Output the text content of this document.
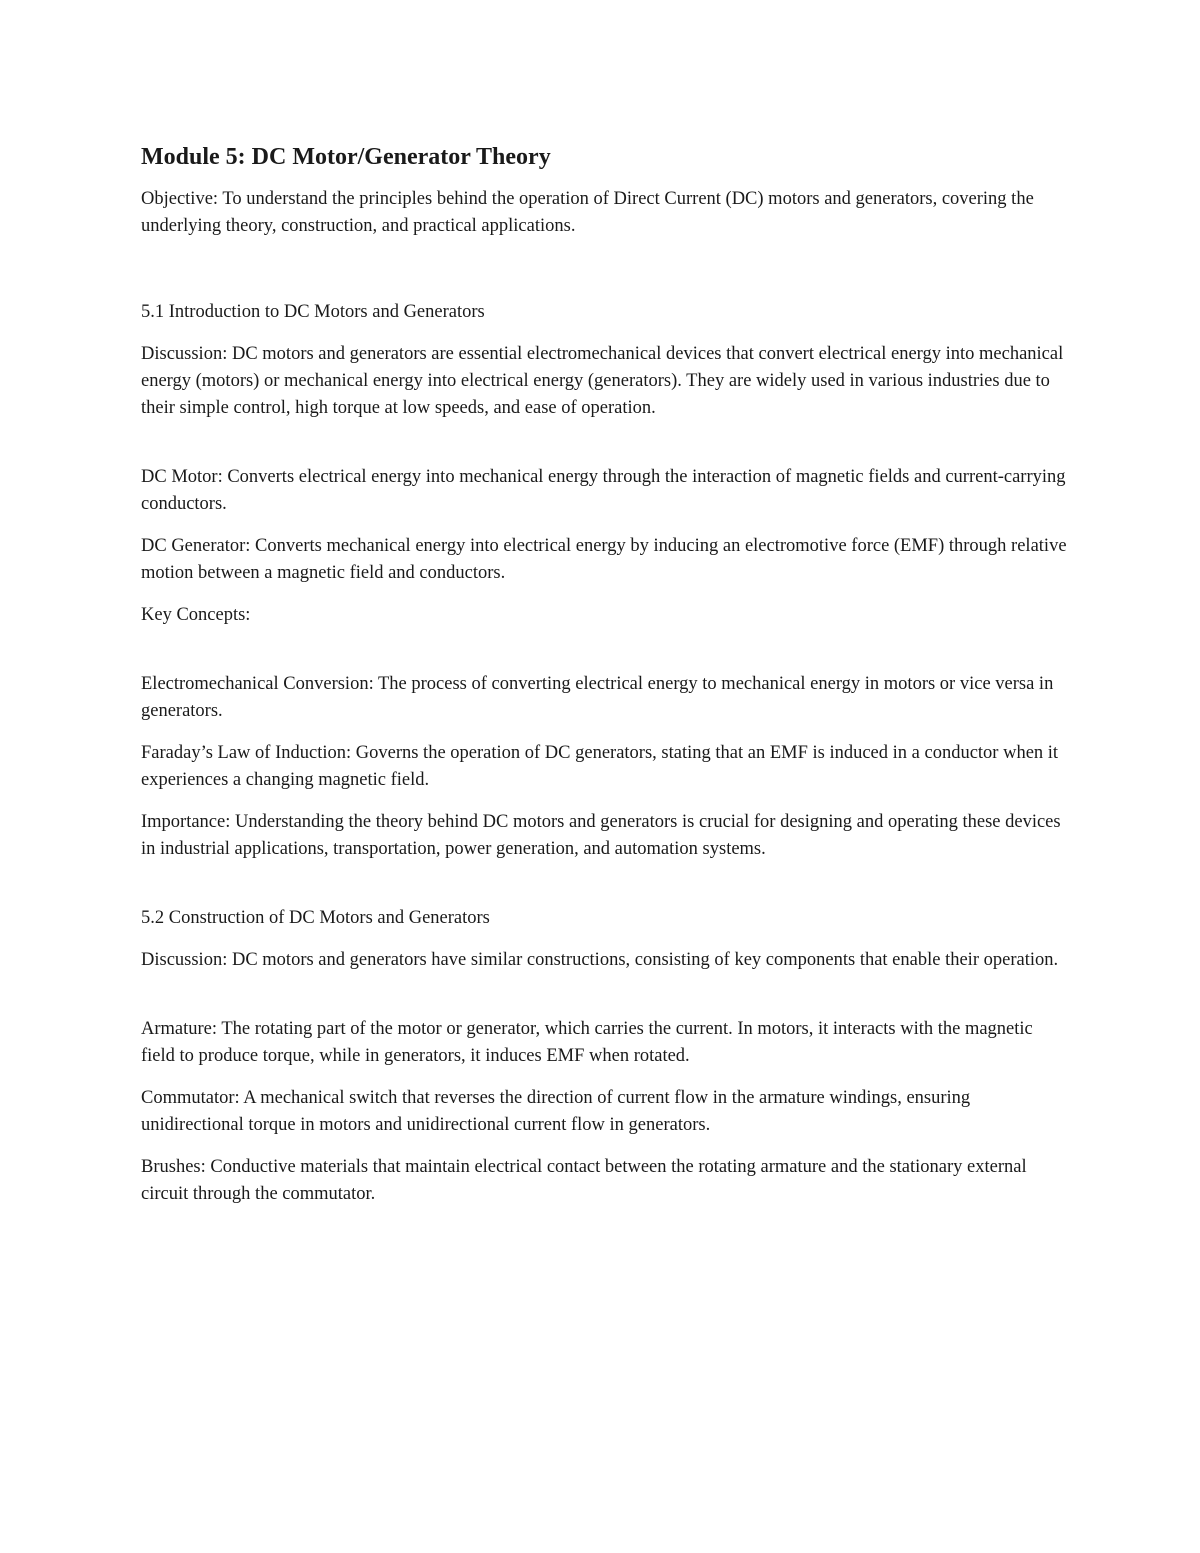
Module 5: DC Motor/Generator Theory

Objective: To understand the principles behind the operation of Direct Current (DC) motors and generators, covering the underlying theory, construction, and practical applications.

5.1 Introduction to DC Motors and Generators

Discussion: DC motors and generators are essential electromechanical devices that convert electrical energy into mechanical energy (motors) or mechanical energy into electrical energy (generators). They are widely used in various industries due to their simple control, high torque at low speeds, and ease of operation.

DC Motor: Converts electrical energy into mechanical energy through the interaction of magnetic fields and current-carrying conductors.

DC Generator: Converts mechanical energy into electrical energy by inducing an electromotive force (EMF) through relative motion between a magnetic field and conductors.

Key Concepts:

Electromechanical Conversion: The process of converting electrical energy to mechanical energy in motors or vice versa in generators.

Faraday’s Law of Induction: Governs the operation of DC generators, stating that an EMF is induced in a conductor when it experiences a changing magnetic field.

Importance: Understanding the theory behind DC motors and generators is crucial for designing and operating these devices in industrial applications, transportation, power generation, and automation systems.

5.2 Construction of DC Motors and Generators

Discussion: DC motors and generators have similar constructions, consisting of key components that enable their operation.

Armature: The rotating part of the motor or generator, which carries the current. In motors, it interacts with the magnetic field to produce torque, while in generators, it induces EMF when rotated.

Commutator: A mechanical switch that reverses the direction of current flow in the armature windings, ensuring unidirectional torque in motors and unidirectional current flow in generators.

Brushes: Conductive materials that maintain electrical contact between the rotating armature and the stationary external circuit through the commutator.
